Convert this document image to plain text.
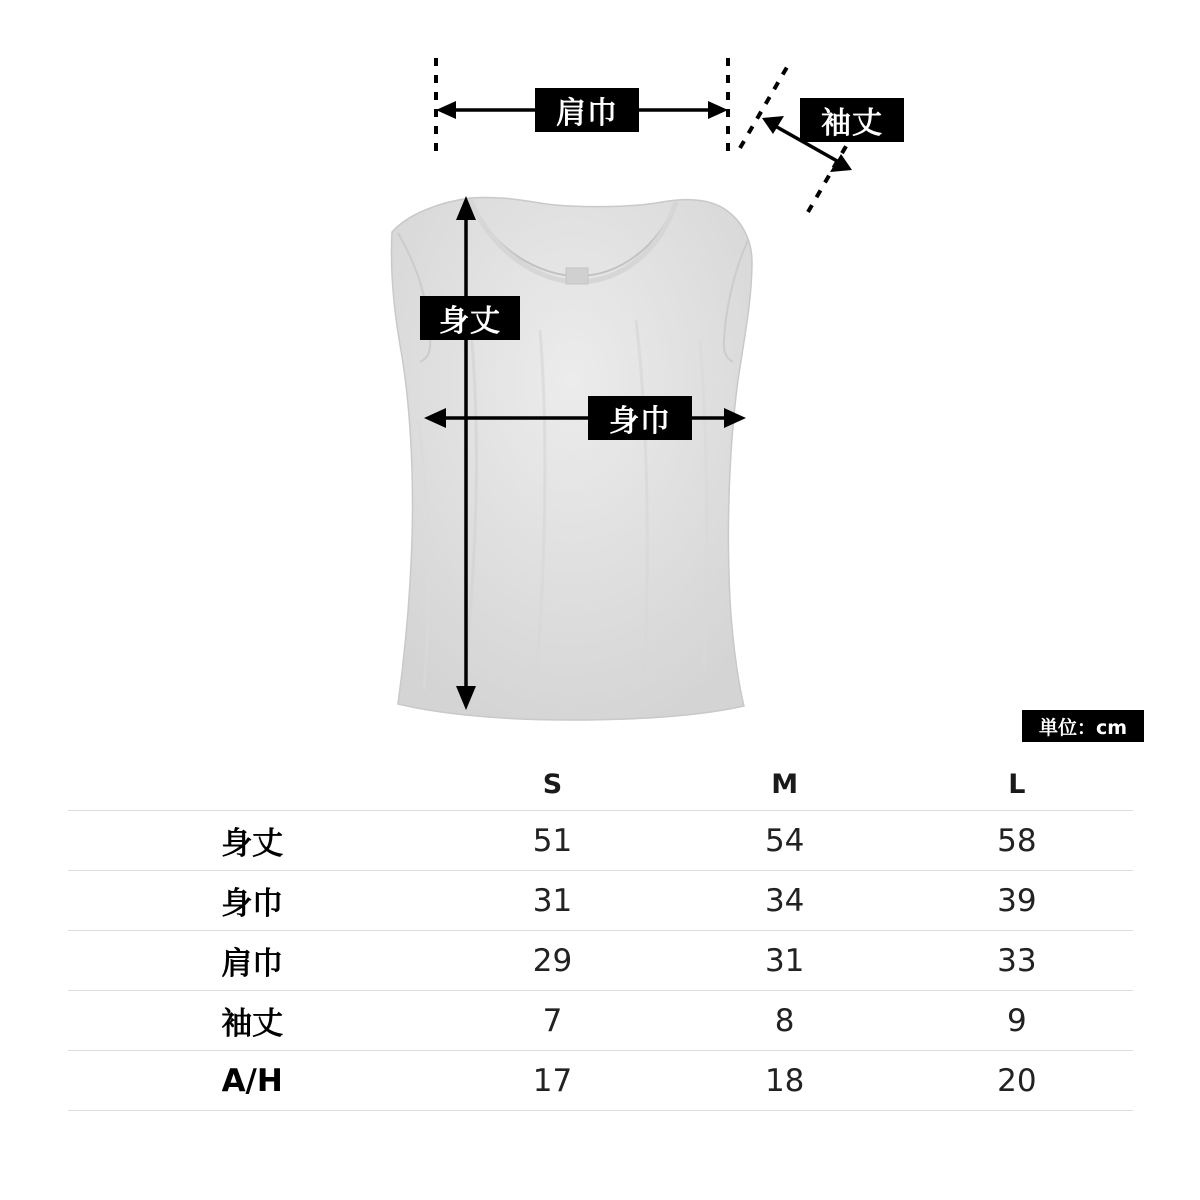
肩巾	袖丈
身丈
身巾
単位：cm
	S	M	L
身丈	51	54	58
身巾	31	34	39
肩巾	29	31	33
袖丈	7	8	9
A/H	17	18	20
